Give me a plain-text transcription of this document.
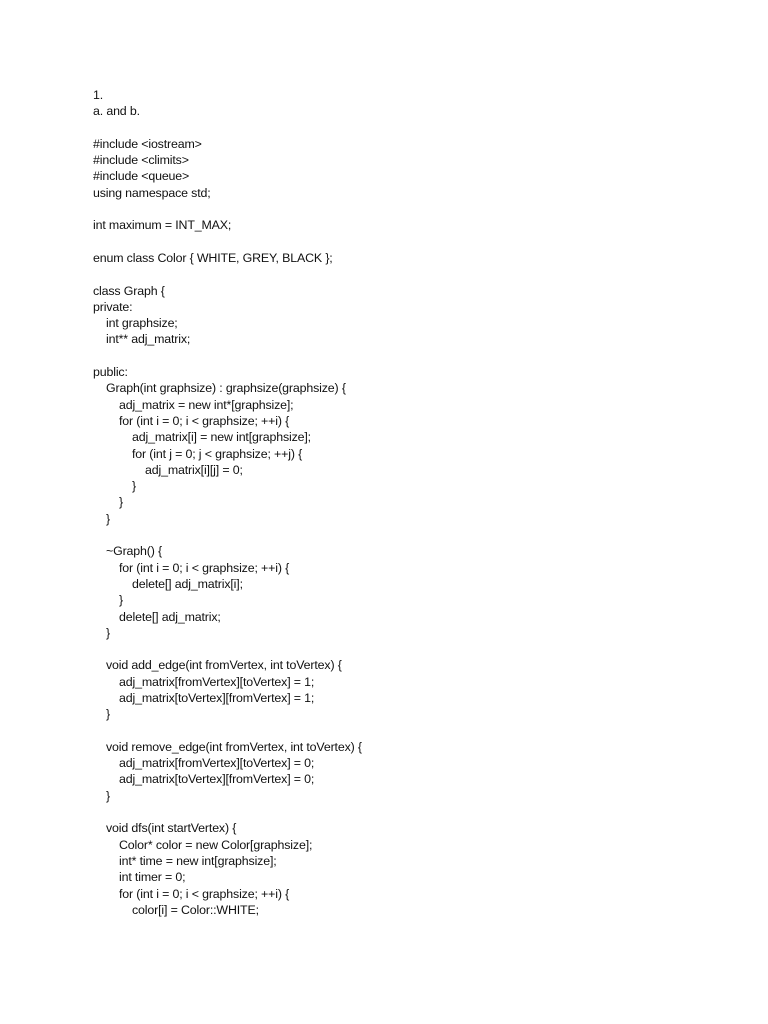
1.
a. and b.
#include <iostream>
#include <climits>
#include <queue>
using namespace std;
int maximum = INT_MAX;
enum class Color { WHITE, GREY, BLACK };
class Graph {
private:
int graphsize;
int** adj_matrix;
public:
Graph(int graphsize) : graphsize(graphsize) {
adj_matrix = new int*[graphsize];
for (int i = 0; i < graphsize; ++i) {
adj_matrix[i] = new int[graphsize];
for (int j = 0; j < graphsize; ++j) {
adj_matrix[i][j] = 0;
}
}
}
~Graph() {
for (int i = 0; i < graphsize; ++i) {
delete[] adj_matrix[i];
}
delete[] adj_matrix;
}
void add_edge(int fromVertex, int toVertex) {
adj_matrix[fromVertex][toVertex] = 1;
adj_matrix[toVertex][fromVertex] = 1;
}
void remove_edge(int fromVertex, int toVertex) {
adj_matrix[fromVertex][toVertex] = 0;
adj_matrix[toVertex][fromVertex] = 0;
}
void dfs(int startVertex) {
Color* color = new Color[graphsize];
int* time = new int[graphsize];
int timer = 0;
for (int i = 0; i < graphsize; ++i) {
color[i] = Color::WHITE;
